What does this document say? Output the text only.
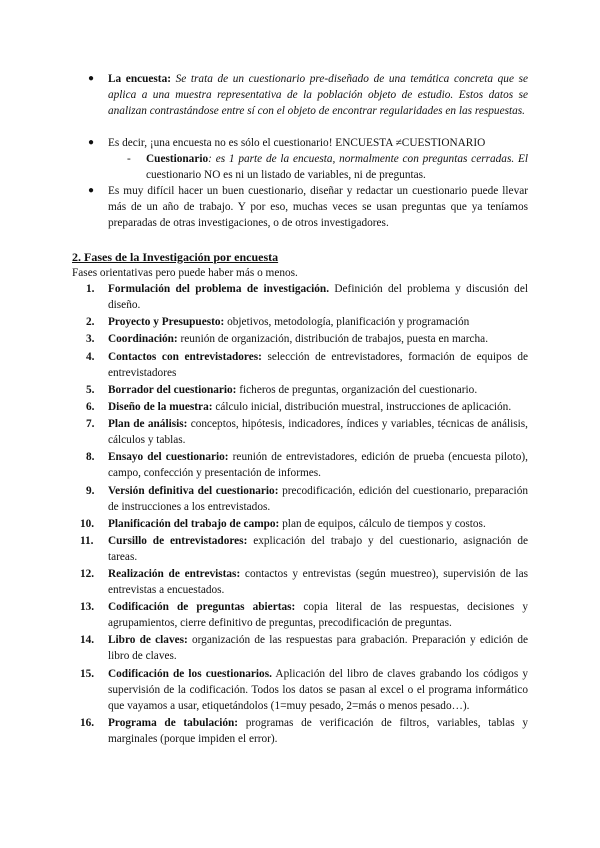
● La encuesta: Se trata de un cuestionario pre-diseñado de una temática concreta que se aplica a una muestra representativa de la población objeto de estudio. Estos datos se analizan contrastándose entre sí con el objeto de encontrar regularidades en las respuestas.
● Es decir, ¡una encuesta no es sólo el cuestionario! ENCUESTA ≠CUESTIONARIO
- Cuestionario: es 1 parte de la encuesta, normalmente con preguntas cerradas. El cuestionario NO es ni un listado de variables, ni de preguntas.
● Es muy difícil hacer un buen cuestionario, diseñar y redactar un cuestionario puede llevar más de un año de trabajo. Y por eso, muchas veces se usan preguntas que ya teníamos preparadas de otras investigaciones, o de otros investigadores.
2. Fases de la Investigación por encuesta
Fases orientativas pero puede haber más o menos.
1.	Formulación del problema de investigación. Definición del problema y discusión del diseño.
2.	Proyecto y Presupuesto: objetivos, metodología, planificación y programación
3.	Coordinación: reunión de organización, distribución de trabajos, puesta en marcha.
4.	Contactos con entrevistadores: selección de entrevistadores, formación de equipos de entrevistadores
5.	Borrador del cuestionario: ficheros de preguntas, organización del cuestionario.
6.	Diseño de la muestra: cálculo inicial, distribución muestral, instrucciones de aplicación.
7.	Plan de análisis: conceptos, hipótesis, indicadores, índices y variables, técnicas de análisis, cálculos y tablas.
8.	Ensayo del cuestionario: reunión de entrevistadores, edición de prueba (encuesta piloto), campo, confección y presentación de informes.
9.	Versión definitiva del cuestionario: precodificación, edición del cuestionario, preparación de instrucciones a los entrevistados.
10.	Planificación del trabajo de campo: plan de equipos, cálculo de tiempos y costos.
11.	Cursillo de entrevistadores: explicación del trabajo y del cuestionario, asignación de tareas.
12.	Realización de entrevistas: contactos y entrevistas (según muestreo), supervisión de las entrevistas a encuestados.
13.	Codificación de preguntas abiertas: copia literal de las respuestas, decisiones y agrupamientos, cierre definitivo de preguntas, precodificación de preguntas.
14.	Libro de claves: organización de las respuestas para grabación. Preparación y edición de libro de claves.
15.	Codificación de los cuestionarios. Aplicación del libro de claves grabando los códigos y supervisión de la codificación. Todos los datos se pasan al excel o el programa informático que vayamos a usar, etiquetándolos (1=muy pesado, 2=más o menos pesado…).
16.	Programa de tabulación: programas de verificación de filtros, variables, tablas y marginales (porque impiden el error).
